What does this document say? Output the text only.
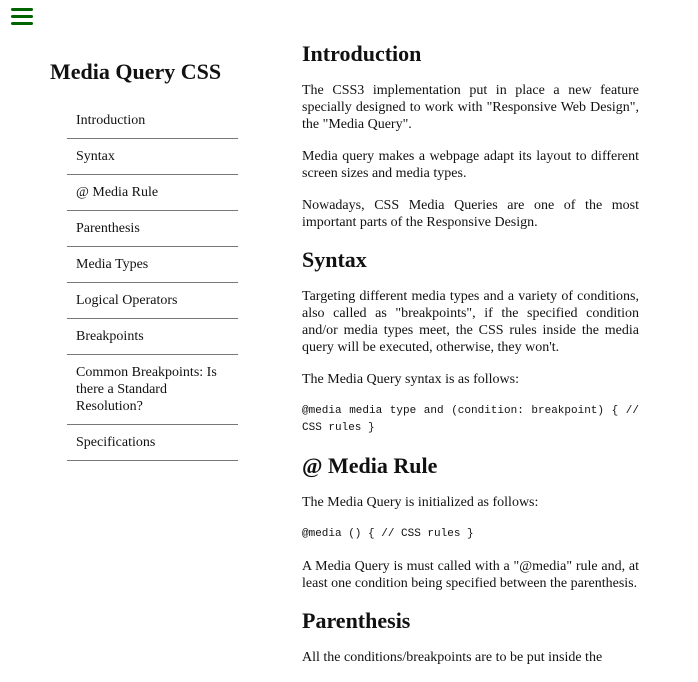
Media Query CSS
Introduction
Syntax
@ Media Rule
Parenthesis
Media Types
Logical Operators
Breakpoints
Common Breakpoints: Is there a Standard Resolution?
Specifications
Introduction

The CSS3 implementation put in place a new feature specially designed to work with "Responsive Web Design", the "Media Query".

Media query makes a webpage adapt its layout to different screen sizes and media types.

Nowadays, CSS Media Queries are one of the most important parts of the Responsive Design.

Syntax

Targeting different media types and a variety of conditions, also called as "breakpoints", if the specified condition and/or media types meet, the CSS rules inside the media query will be executed, otherwise, they won't.

The Media Query syntax is as follows:

@media media type and (condition: breakpoint) { // CSS rules }

@ Media Rule

The Media Query is initialized as follows:

@media () { // CSS rules }

A Media Query is must called with a "@media" rule and, at least one condition being specified between the parenthesis.

Parenthesis

All the conditions/breakpoints are to be put inside the
